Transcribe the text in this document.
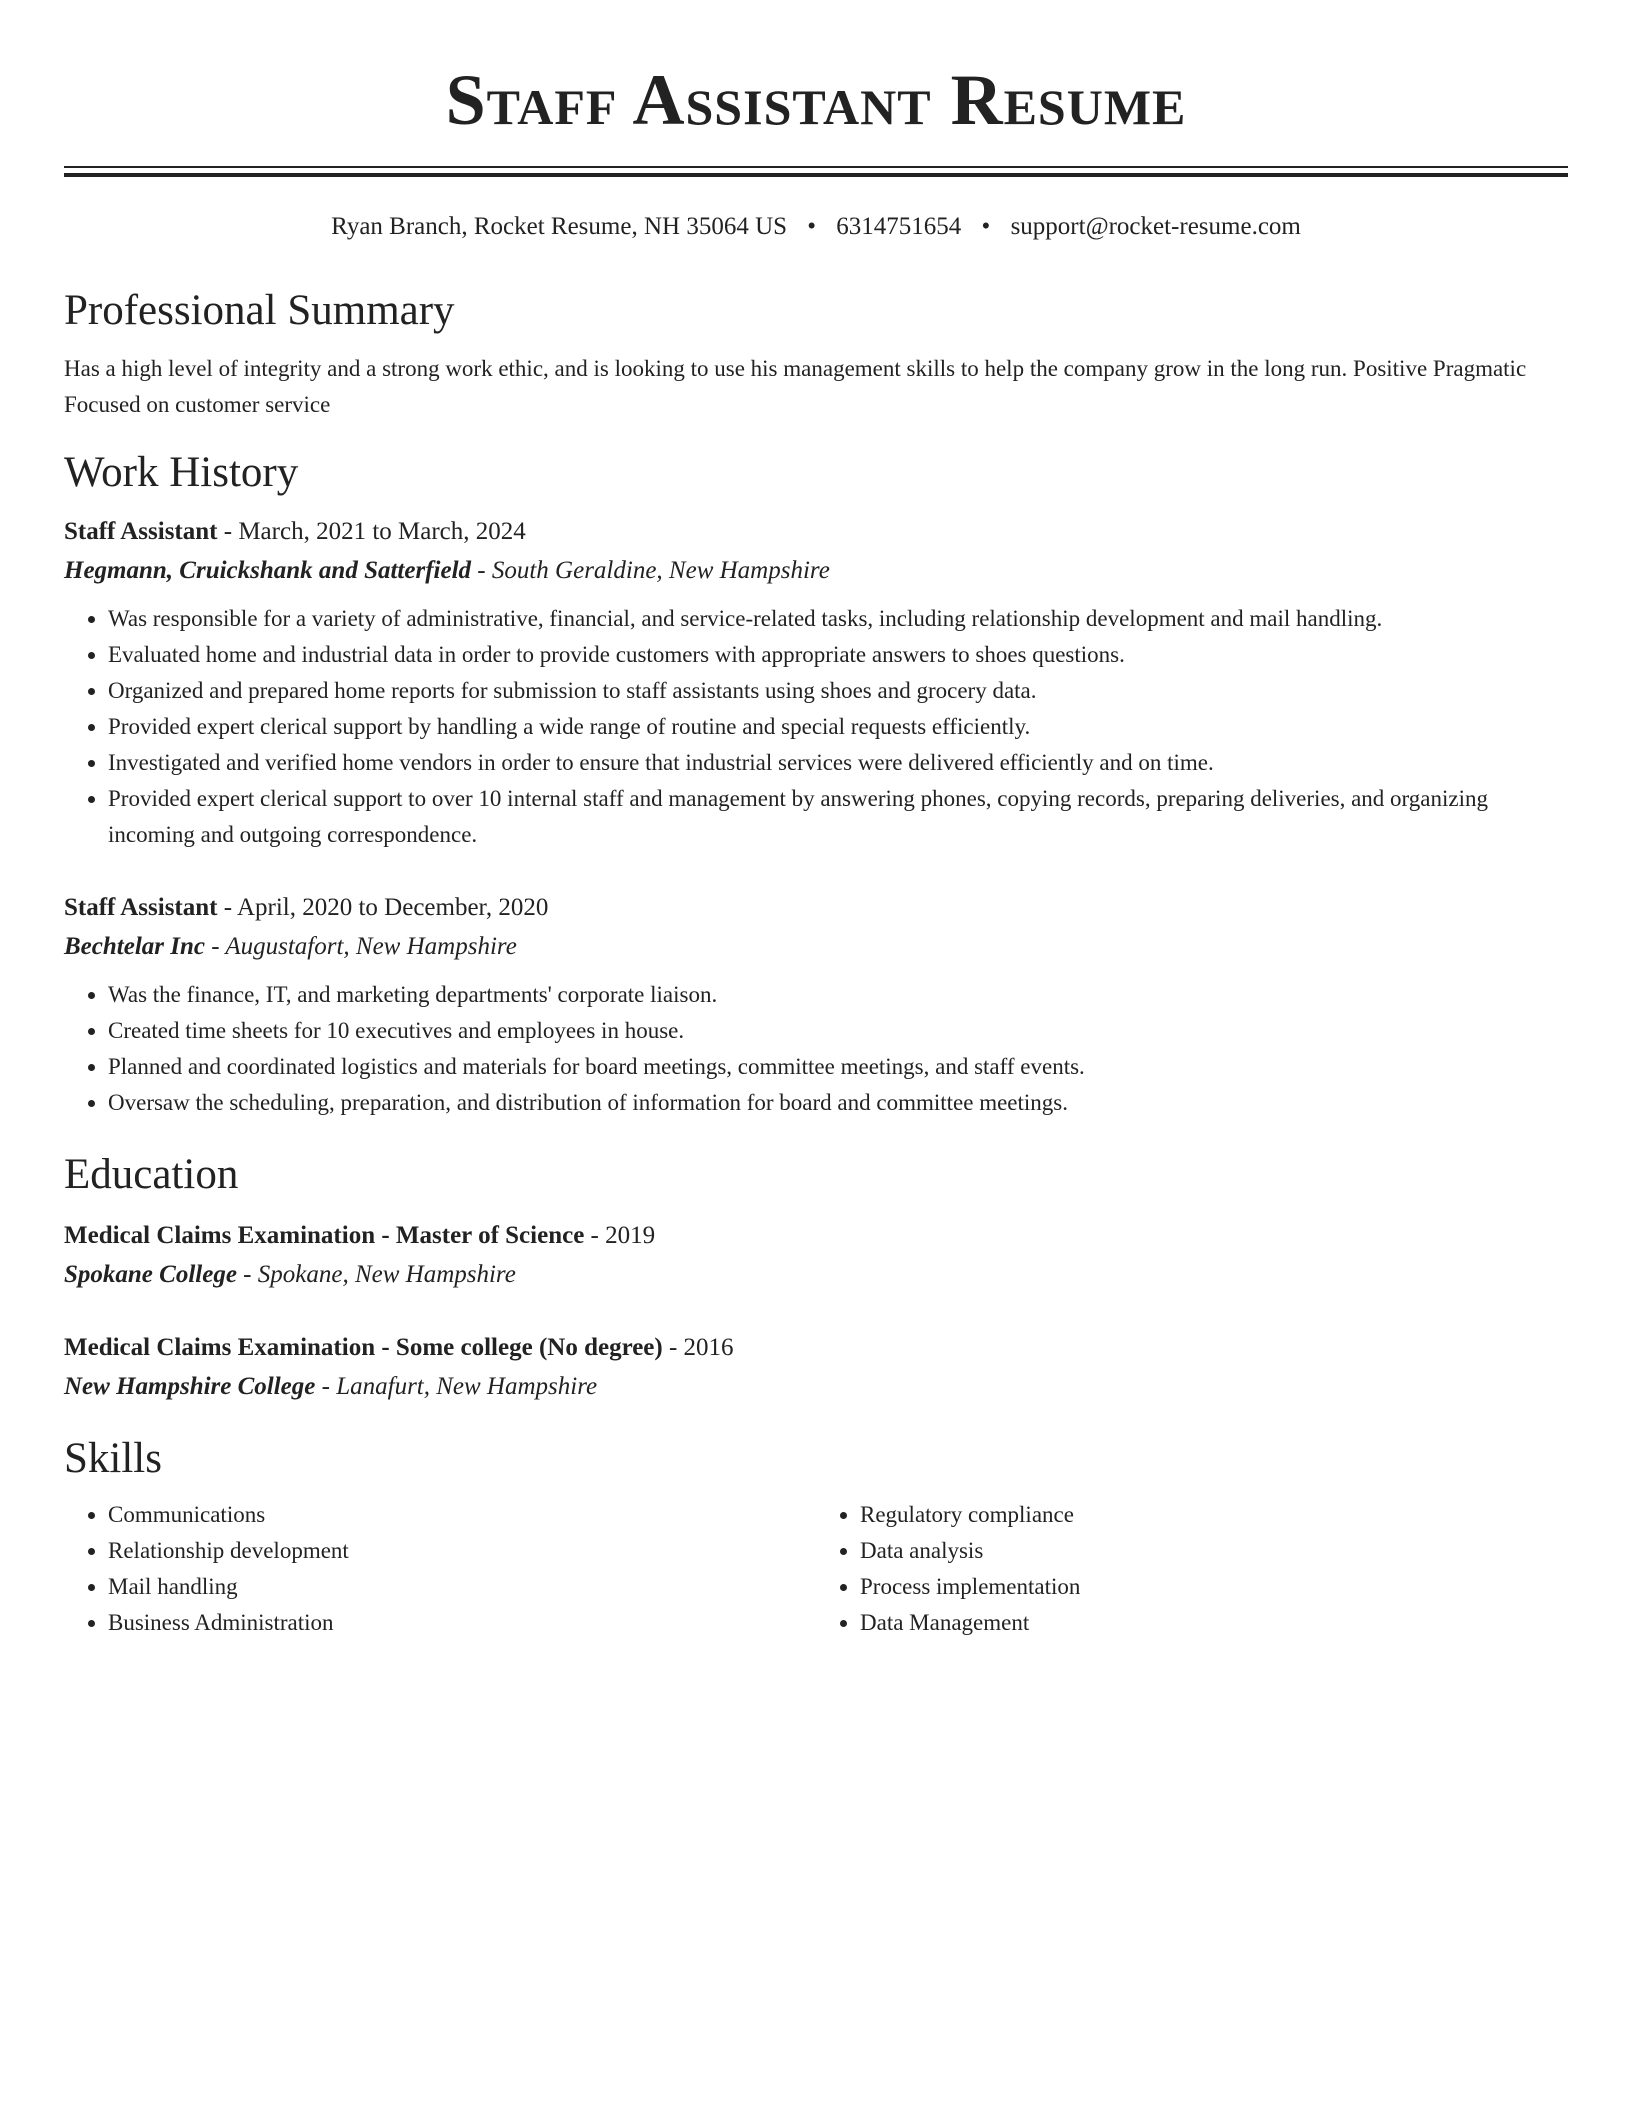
Staff Assistant Resume
Ryan Branch, Rocket Resume, NH 35064 US • 6314751654 • support@rocket-resume.com
Professional Summary

Has a high level of integrity and a strong work ethic, and is looking to use his management skills to help the company grow in the long run. Positive Pragmatic Focused on customer service

Work History
Staff Assistant - March, 2021 to March, 2024
Hegmann, Cruickshank and Satterfield - South Geraldine, New Hampshire
• Was responsible for a variety of administrative, financial, and service-related tasks, including relationship development and mail handling.
• Evaluated home and industrial data in order to provide customers with appropriate answers to shoes questions.
• Organized and prepared home reports for submission to staff assistants using shoes and grocery data.
• Provided expert clerical support by handling a wide range of routine and special requests efficiently.
• Investigated and verified home vendors in order to ensure that industrial services were delivered efficiently and on time.
• Provided expert clerical support to over 10 internal staff and management by answering phones, copying records, preparing deliveries, and organizing incoming and outgoing correspondence.
Staff Assistant - April, 2020 to December, 2020
Bechtelar Inc - Augustafort, New Hampshire
• Was the finance, IT, and marketing departments' corporate liaison.
• Created time sheets for 10 executives and employees in house.
• Planned and coordinated logistics and materials for board meetings, committee meetings, and staff events.
• Oversaw the scheduling, preparation, and distribution of information for board and committee meetings.
Education
Medical Claims Examination - Master of Science - 2019
Spokane College - Spokane, New Hampshire
Medical Claims Examination - Some college (No degree) - 2016
New Hampshire College - Lanafurt, New Hampshire
Skills
• Communications
• Relationship development
• Mail handling
• Business Administration
• Regulatory compliance
• Data analysis
• Process implementation
• Data Management
